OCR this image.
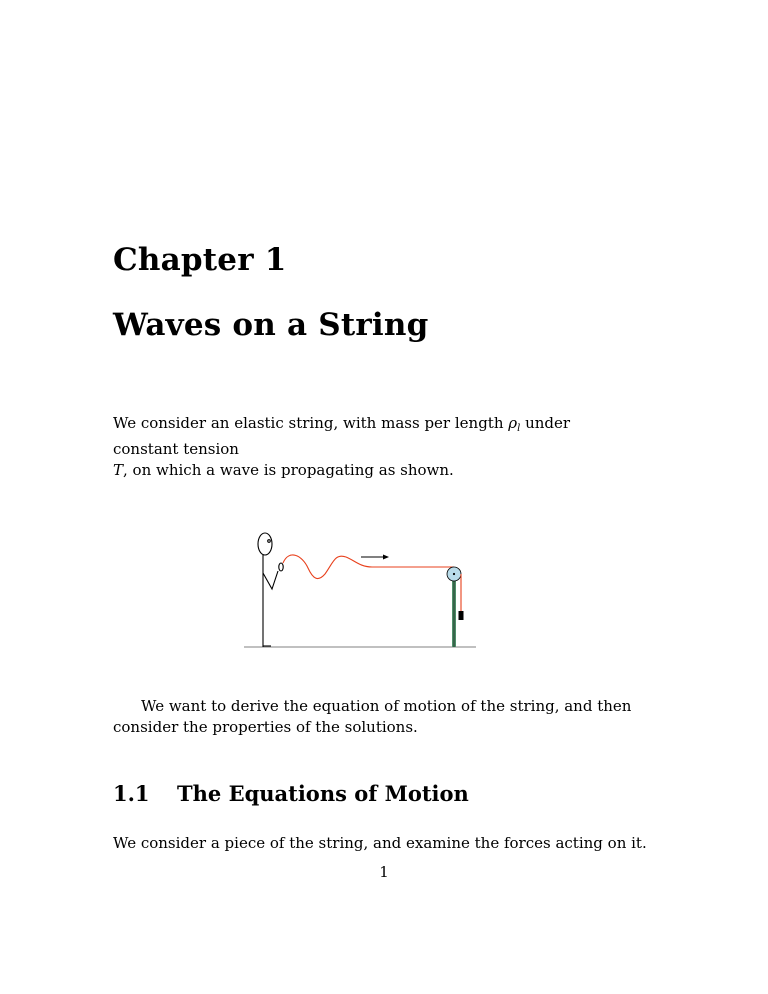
Chapter 1
Waves on a String
We consider an elastic string, with mass per length $\rho_l$ under constant tension
T, on which a wave is propagating as shown.
We want to derive the equation of motion of the string, and then consider the properties of the solutions.
1.1 The Equations of Motion
We consider a piece of the string, and examine the forces acting on it.
1
